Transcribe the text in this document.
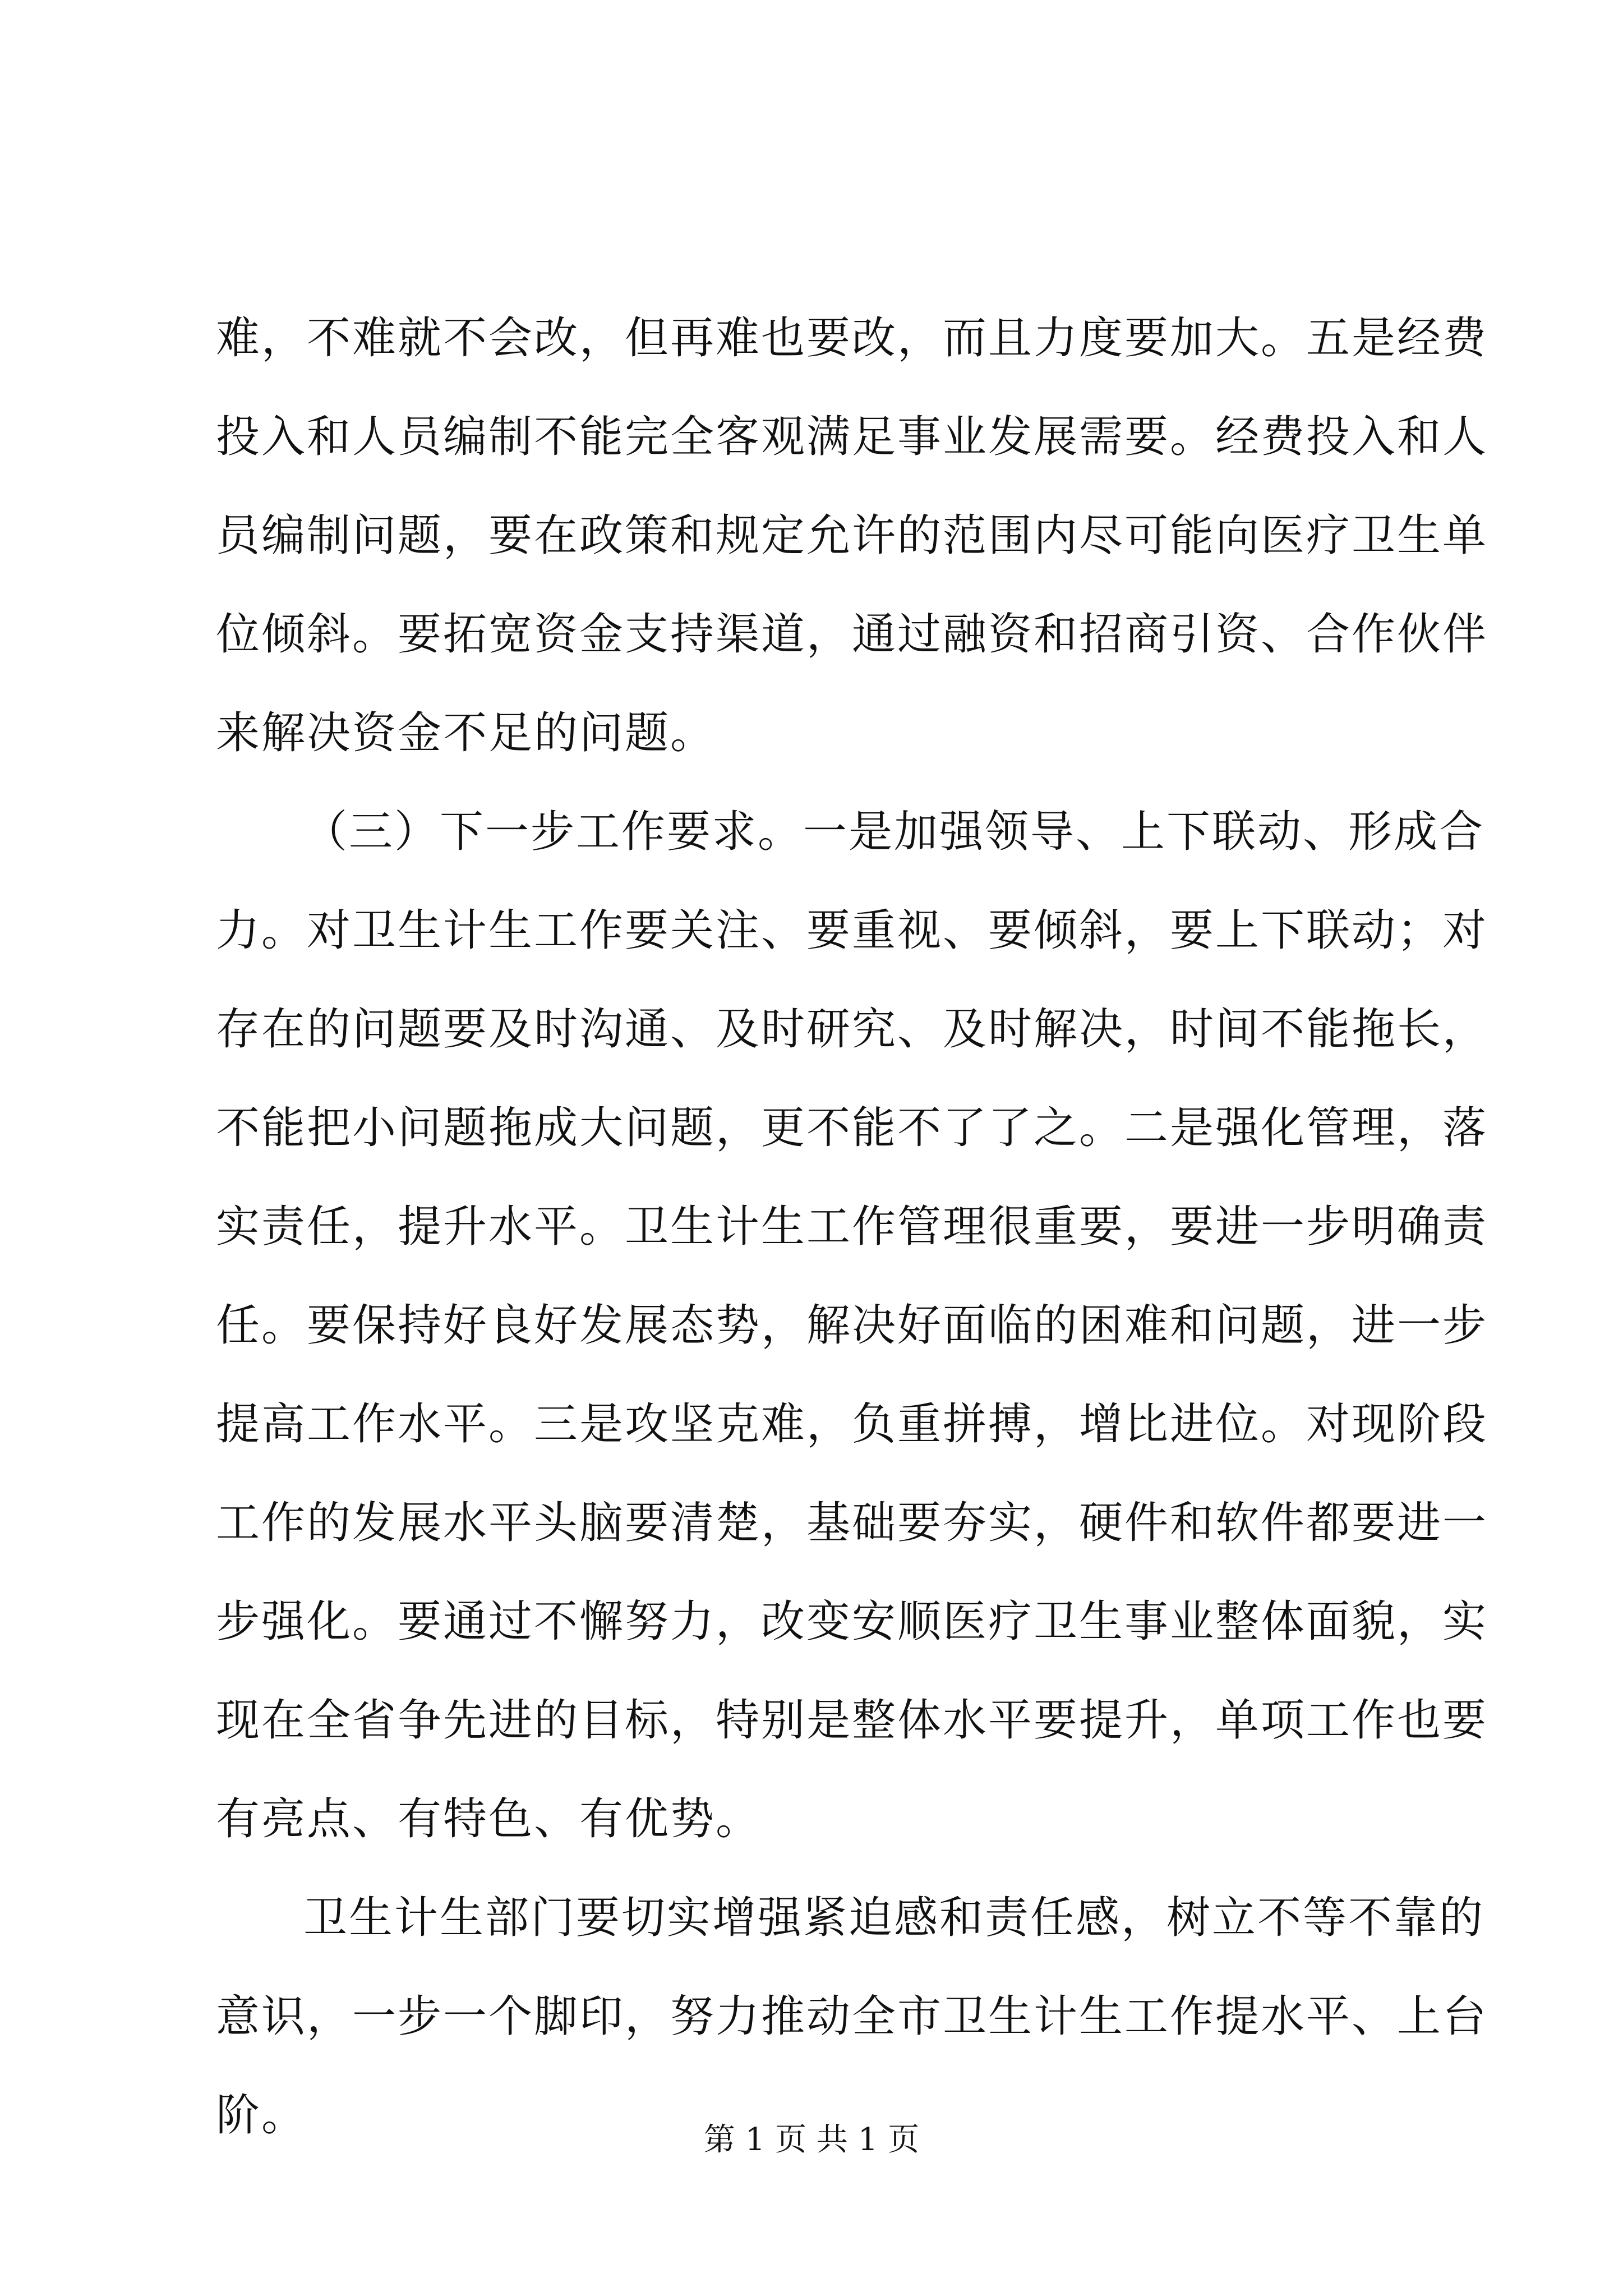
难，不难就不会改，但再难也要改，而且力度要加大。五是经费
投入和人员编制不能完全客观满足事业发展需要。经费投入和人
员编制问题，要在政策和规定允许的范围内尽可能向医疗卫生单
位倾斜。要拓宽资金支持渠道，通过融资和招商引资、合作伙伴
来解决资金不足的问题。
（三）下一步工作要求。一是加强领导、上下联动、形成合
力。对卫生计生工作要关注、要重视、要倾斜，要上下联动；对
存在的问题要及时沟通、及时研究、及时解决，时间不能拖长，
不能把小问题拖成大问题，更不能不了了之。二是强化管理，落
实责任，提升水平。卫生计生工作管理很重要，要进一步明确责
任。要保持好良好发展态势，解决好面临的困难和问题，进一步
提高工作水平。三是攻坚克难，负重拼搏，增比进位。对现阶段
工作的发展水平头脑要清楚，基础要夯实，硬件和软件都要进一
步强化。要通过不懈努力，改变安顺医疗卫生事业整体面貌，实
现在全省争先进的目标，特别是整体水平要提升，单项工作也要
有亮点、有特色、有优势。
卫生计生部门要切实增强紧迫感和责任感，树立不等不靠的
意识，一步一个脚印，努力推动全市卫生计生工作提水平、上台
阶。	第 1 页 共 1 页
